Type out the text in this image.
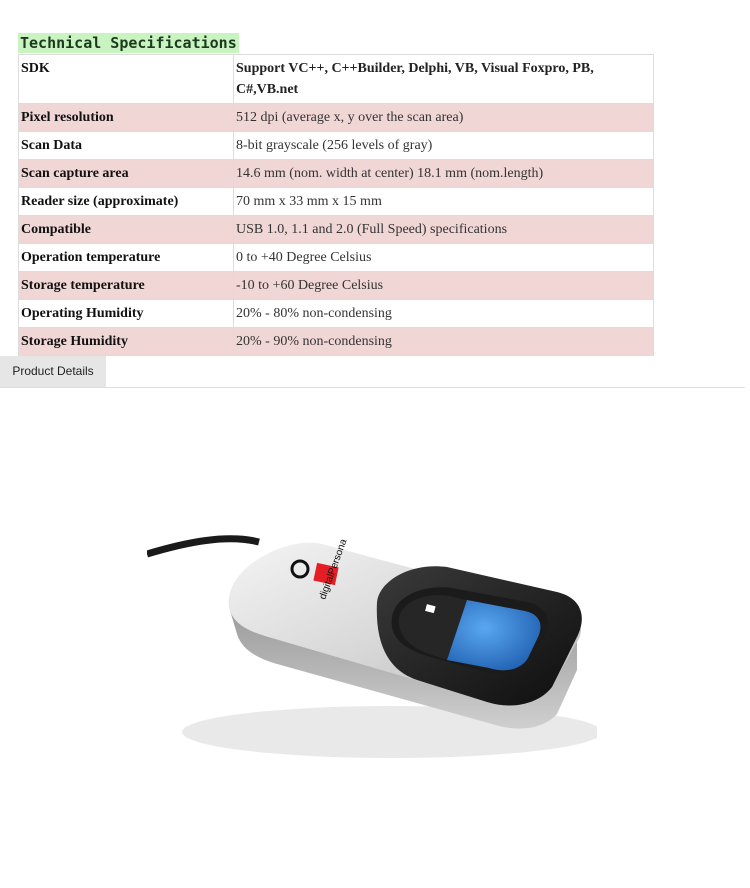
Technical Specifications
SDK	Support VC++, C++Builder, Delphi, VB, Visual Foxpro, PB, C#,VB.net
Pixel resolution	512 dpi (average x, y over the scan area)
Scan Data	8-bit grayscale (256 levels of gray)
Scan capture area	14.6 mm (nom. width at center) 18.1 mm (nom.length)
Reader size (approximate)	70 mm x 33 mm x 15 mm
Compatible	USB 1.0, 1.1 and 2.0 (Full Speed) specifications
Operation temperature	0 to +40 Degree Celsius
Storage temperature	-10 to +60 Degree Celsius
Operating Humidity	20% - 80% non-condensing
Storage Humidity	20% - 90% non-condensing
Product Details
digitalPersona
